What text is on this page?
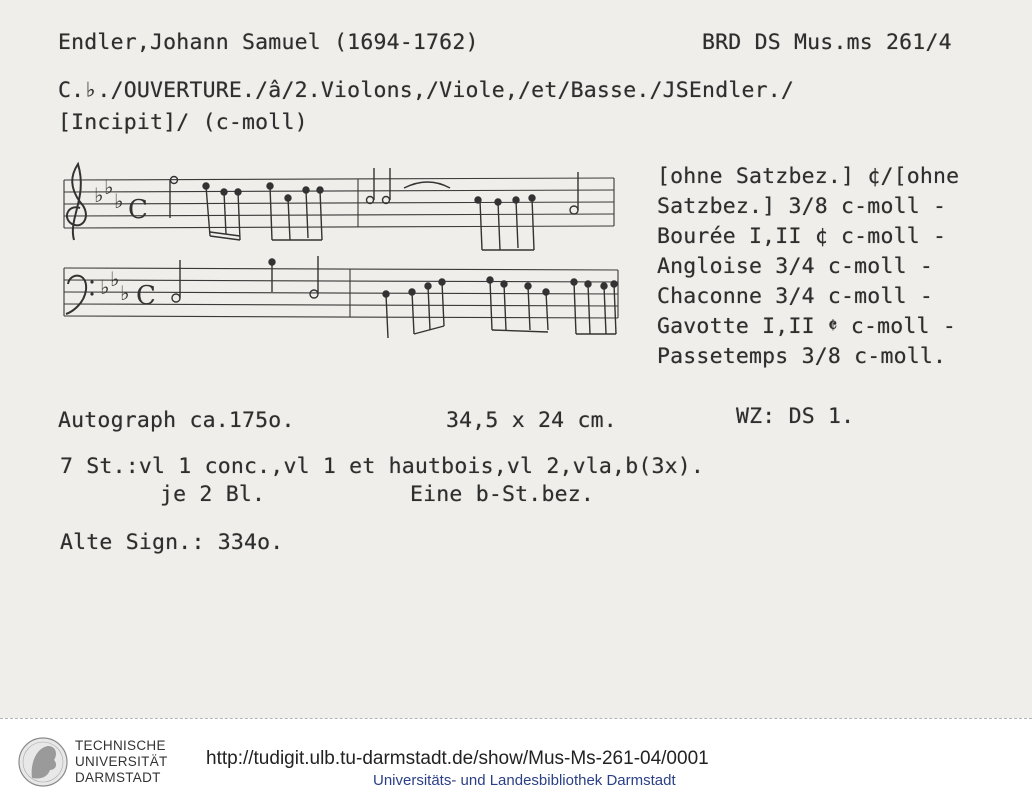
Endler,Johann Samuel (1694-1762)	BRD DS Mus.ms 261/4
C.♭./OUVERTURE./â/2.Violons,/Viole,/et/Basse./JSEndler./
[Incipit]/ (c-moll)
♭ ♭
♭
♭ ♭
♭
C
C
[ohne Satzbez.] ¢/[ohne
Satzbez.] 3/8 c-moll -
Bourée I,II ¢ c-moll -
Angloise 3/4 c-moll -
Chaconne 3/4 c-moll -
Gavotte I,II 𝄵 c-moll -
Passetemps 3/8 c-moll.
Autograph ca.175o.	34,5 x 24 cm.	WZ: DS 1.
7 St.:vl 1 conc.,vl 1 et hautbois,vl 2,vla,b(3x).
je 2 Bl.	Eine b-St.bez.
Alte Sign.: 334o.
TECHNISCHE
UNIVERSITÄT
DARMSTADT
http://tudigit.ulb.tu-darmstadt.de/show/Mus-Ms-261-04/0001
Universitäts- und Landesbibliothek Darmstadt
